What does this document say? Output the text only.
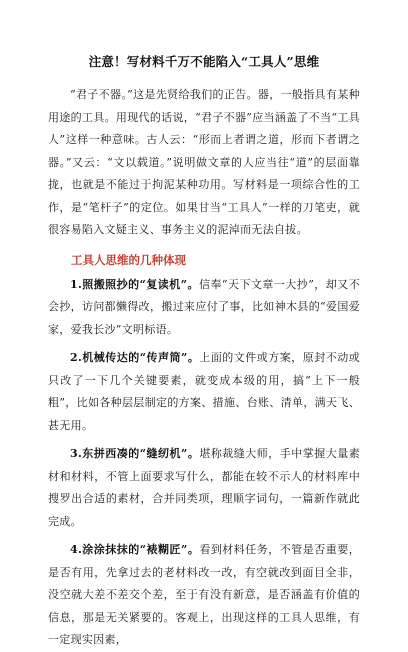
注意！写材料千万不能陷入“工具人”思维

“君子不器。”这是先贤给我们的正告。器，一般指具有某种用途的工具。用现代的话说，“君子不器”应当涵盖了不当“工具人”这样一种意味。古人云：“形而上者谓之道，形而下者谓之器。”又云：“文以载道。”说明做文章的人应当往“道”的层面靠拢，也就是不能过于拘泥某种功用。写材料是一项综合性的工作，是“笔杆子”的定位。如果甘当“工具人”一样的刀笔吏，就很容易陷入文疑主义、事务主义的泥淖而无法自拔。

工具人思维的几种体现

1.照搬照抄的“复读机”。信奉“天下文章一大抄”，却又不会抄，访问都懒得改，搬过来应付了事，比如神木县的“爱国爱家，爱我长沙”文明标语。

2.机械传达的“传声筒”。上面的文件或方案，原封不动或只改了一下几个关键要素，就变成本级的用，搞“上下一般粗”，比如各种层层制定的方案、措施、台账、清单，满天飞、甚无用。

3.东拼西凑的“缝纫机”。堪称裁缝大师，手中掌握大量素材和材料，不管上面要求写什么，都能在较不示人的材料库中搜罗出合适的素材，合并同类项，理顺字词句，一篇新作就此完成。

4.涂涂抹抹的“裱糊匠”。看到材料任务，不管是否重要，是否有用，先拿过去的老材料改一改，有空就改到面目全非，没空就大差不差交个差，至于有没有新意，是否涵盖有价值的信息，那是无关紧要的。客观上，出现这样的工具人思维，有一定现实因素，
